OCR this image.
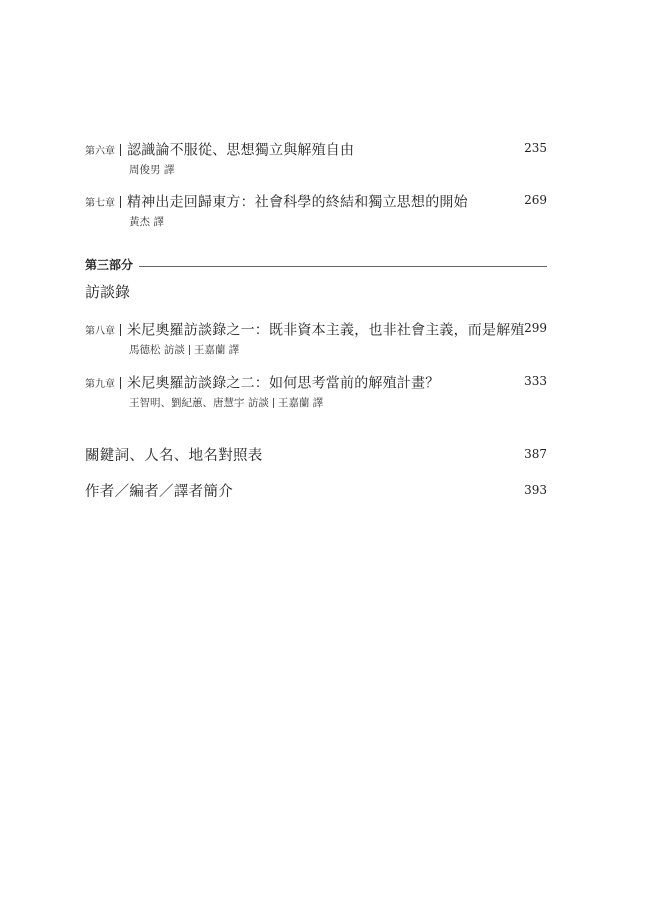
第六章 認識論不服從、思想獨立與解殖自由	235
周俊男 譯
第七章 精神出走回歸東方：社會科學的終結和獨立思想的開始	269
黃杰 譯
第三部分
訪談錄
第八章 米尼奧羅訪談錄之一：既非資本主義，也非社會主義，而是解殖 299
馬德松 訪談 王嘉蘭 譯
第九章 米尼奧羅訪談錄之二：如何思考當前的解殖計畫？	333
王智明、劉紀蕙、唐慧宇 訪談 王嘉蘭 譯
關鍵詞、人名、地名對照表	387
作者／編者／譯者簡介	393
